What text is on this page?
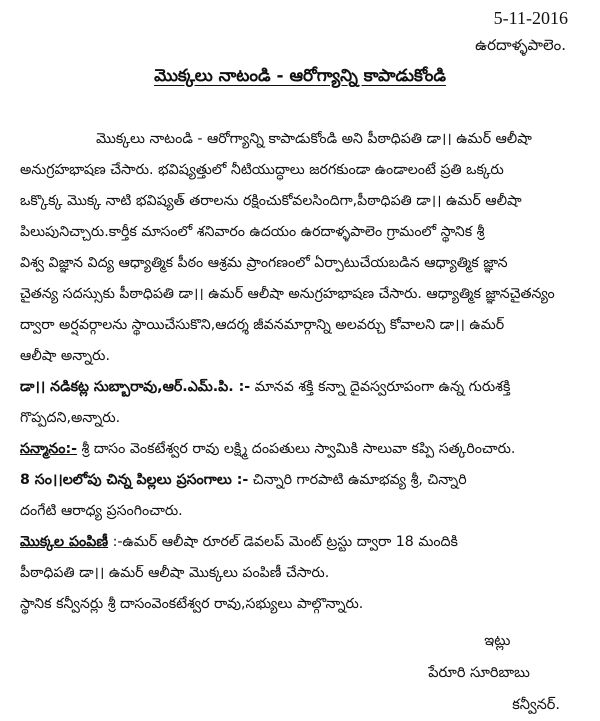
5-11-2016
ఉరదాళ్ళపాలెం.
మొక్కలు నాటండి - ఆరోగ్యాన్ని కాపాడుకోండి

మొక్కలు నాటండి - ఆరోగ్యాన్ని కాపాడుకోండి అని పీఠాధిపతి డా।। ఉమర్ ఆలీషా

అనుగ్రహభాషణ చేసారు. భవిష్యత్తులో నీటియుద్ధాలు జరగకుండా ఉండాలంటే ప్రతి ఒక్కరు

ఒక్కొక్క మొక్క నాటి భవిష్యత్ తరాలను రక్షించుకోవలసిందిగా,పీఠాధిపతి డా।। ఉమర్ ఆలీషా

పిలుపునిచ్చారు.కార్తీక మాసంలో శనివారం ఉదయం ఉరదాళ్ళపాలెం గ్రామంలో స్థానిక శ్రీ

విశ్వ విజ్ఞాన విద్య ఆధ్యాత్మిక పీఠం ఆశ్రమ ప్రాంగణంలో ఏర్పాటుచేయబడిన ఆధ్యాత్మిక జ్ఞాన

చైతన్య సదస్సుకు పీఠాధిపతి డా।। ఉమర్ ఆలీషా అనుగ్రహభాషణ చేసారు. ఆధ్యాత్మిక జ్ఞానచైతన్యం

ద్వారా అర్షవర్గాలను స్థాయిచేసుకొని,ఆదర్శ జీవనమార్గాన్ని అలవర్చు కోవాలని డా।। ఉమర్

ఆలీషా అన్నారు.

డా।। నడికట్ల సుబ్బారావు,ఆర్.ఎమ్.పి. :- మానవ శక్తి కన్నా దైవస్వరూపంగా ఉన్న గురుశక్తి

గొప్పదని,అన్నారు.

సన్మానం:- శ్రీ దాసం వెంకటేశ్వర రావు లక్ష్మి దంపతులు స్వామికి సాలువా కప్పి సత్కరించారు.

8 సం।।లలోపు చిన్న పిల్లలు ప్రసంగాలు :- చిన్నారి గారపాటి ఉమాభవ్య శ్రీ, చిన్నారి

దంగేటి ఆరాధ్య ప్రసంగించారు.

మొక్కల పంపిణీ :-ఉమర్ ఆలీషా రూరల్ డెవలప్ మెంట్ ట్రస్టు ద్వారా 18 మందికి

పీఠాధిపతి డా।। ఉమర్ ఆలీషా మొక్కలు పంపిణీ చేసారు.

స్థానిక కన్వీనర్లు శ్రీ దాసంవెంకటేశ్వర రావు,సభ్యులు పాల్గొన్నారు.

ఇట్లు
పేరూరి సూరిబాబు
కన్వీనర్.
